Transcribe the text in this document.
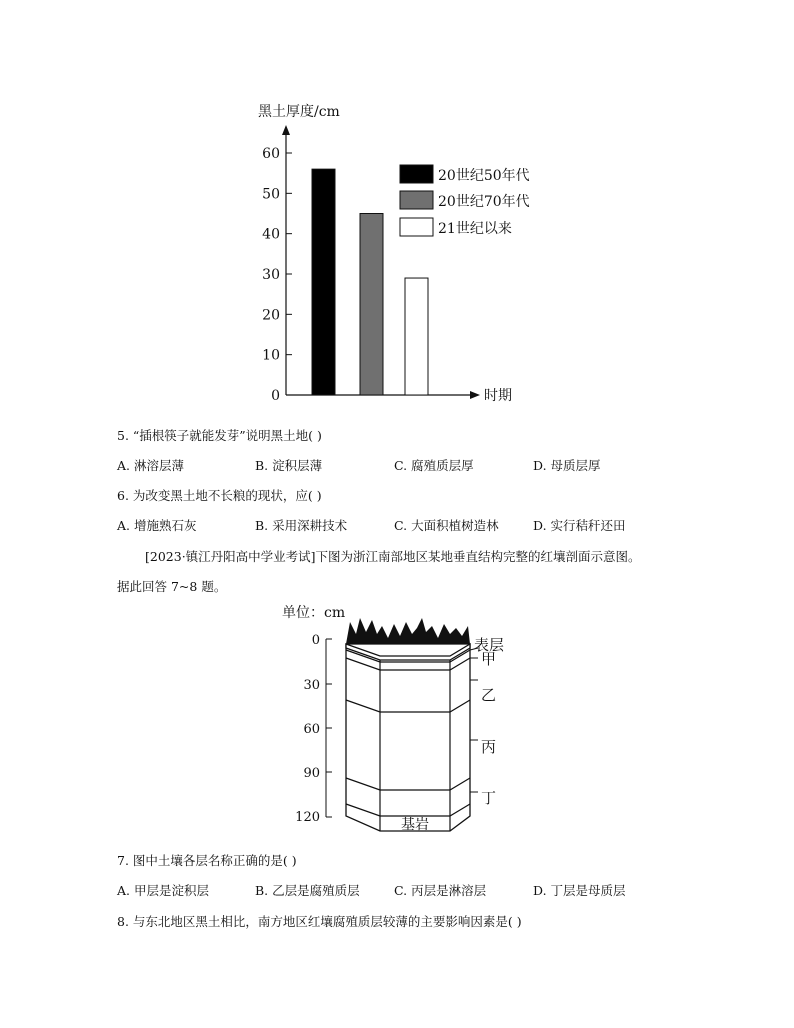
黑土厚度/cm
时期
0
10
20
30
40
50
60
20世纪50年代
20世纪70年代
21世纪以来
5. “插根筷子就能发芽”说明黑土地( )
A. 淋溶层薄	B. 淀积层薄	C. 腐殖质层厚	D. 母质层厚
6. 为改变黑土地不长粮的现状，应( )
A. 增施熟石灰	B. 采用深耕技术	C. 大面积植树造林	D. 实行秸秆还田
[2023·镇江丹阳高中学业考试]下图为浙江南部地区某地垂直结构完整的红壤剖面示意图。
据此回答 7~8 题。
单位：cm
0
30
60
90
120
表层
甲
乙
丙
丁
基岩
7. 图中土壤各层名称正确的是( )
A. 甲层是淀积层	B. 乙层是腐殖质层	C. 丙层是淋溶层	D. 丁层是母质层
8. 与东北地区黑土相比，南方地区红壤腐殖质层较薄的主要影响因素是( )
